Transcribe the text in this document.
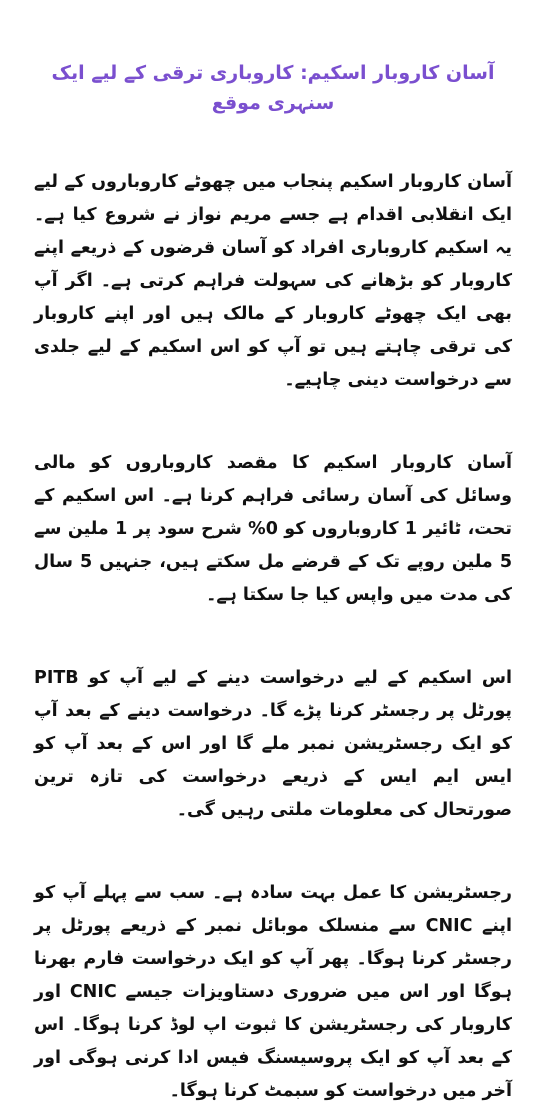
آسان کاروبار اسکیم: کاروباری ترقی کے لیے ایک سنہری موقع

آسان کاروبار اسکیم پنجاب میں چھوٹے کاروباروں کے لیے ایک انقلابی اقدام ہے جسے مریم نواز نے شروع کیا ہے۔ یہ اسکیم کاروباری افراد کو آسان قرضوں کے ذریعے اپنے کاروبار کو بڑھانے کی سہولت فراہم کرتی ہے۔ اگر آپ بھی ایک چھوٹے کاروبار کے مالک ہیں اور اپنے کاروبار کی ترقی چاہتے ہیں تو آپ کو اس اسکیم کے لیے جلدی سے درخواست دینی چاہیے۔

آسان کاروبار اسکیم کا مقصد کاروباروں کو مالی وسائل کی آسان رسائی فراہم کرنا ہے۔ اس اسکیم کے تحت، ٹائیر 1 کاروباروں کو 0% شرح سود پر 1 ملین سے 5 ملین روپے تک کے قرضے مل سکتے ہیں، جنہیں 5 سال کی مدت میں واپس کیا جا سکتا ہے۔

اس اسکیم کے لیے درخواست دینے کے لیے آپ کو PITB پورٹل پر رجسٹر کرنا پڑے گا۔ درخواست دینے کے بعد آپ کو ایک رجسٹریشن نمبر ملے گا اور اس کے بعد آپ کو ایس ایم ایس کے ذریعے درخواست کی تازہ ترین صورتحال کی معلومات ملتی رہیں گی۔

رجسٹریشن کا عمل بہت سادہ ہے۔ سب سے پہلے آپ کو اپنے CNIC سے منسلک موبائل نمبر کے ذریعے پورٹل پر رجسٹر کرنا ہوگا۔ پھر آپ کو ایک درخواست فارم بھرنا ہوگا اور اس میں ضروری دستاویزات جیسے CNIC اور کاروبار کی رجسٹریشن کا ثبوت اپ لوڈ کرنا ہوگا۔ اس کے بعد آپ کو ایک پروسیسنگ فیس ادا کرنی ہوگی اور آخر میں درخواست کو سبمٹ کرنا ہوگا۔
